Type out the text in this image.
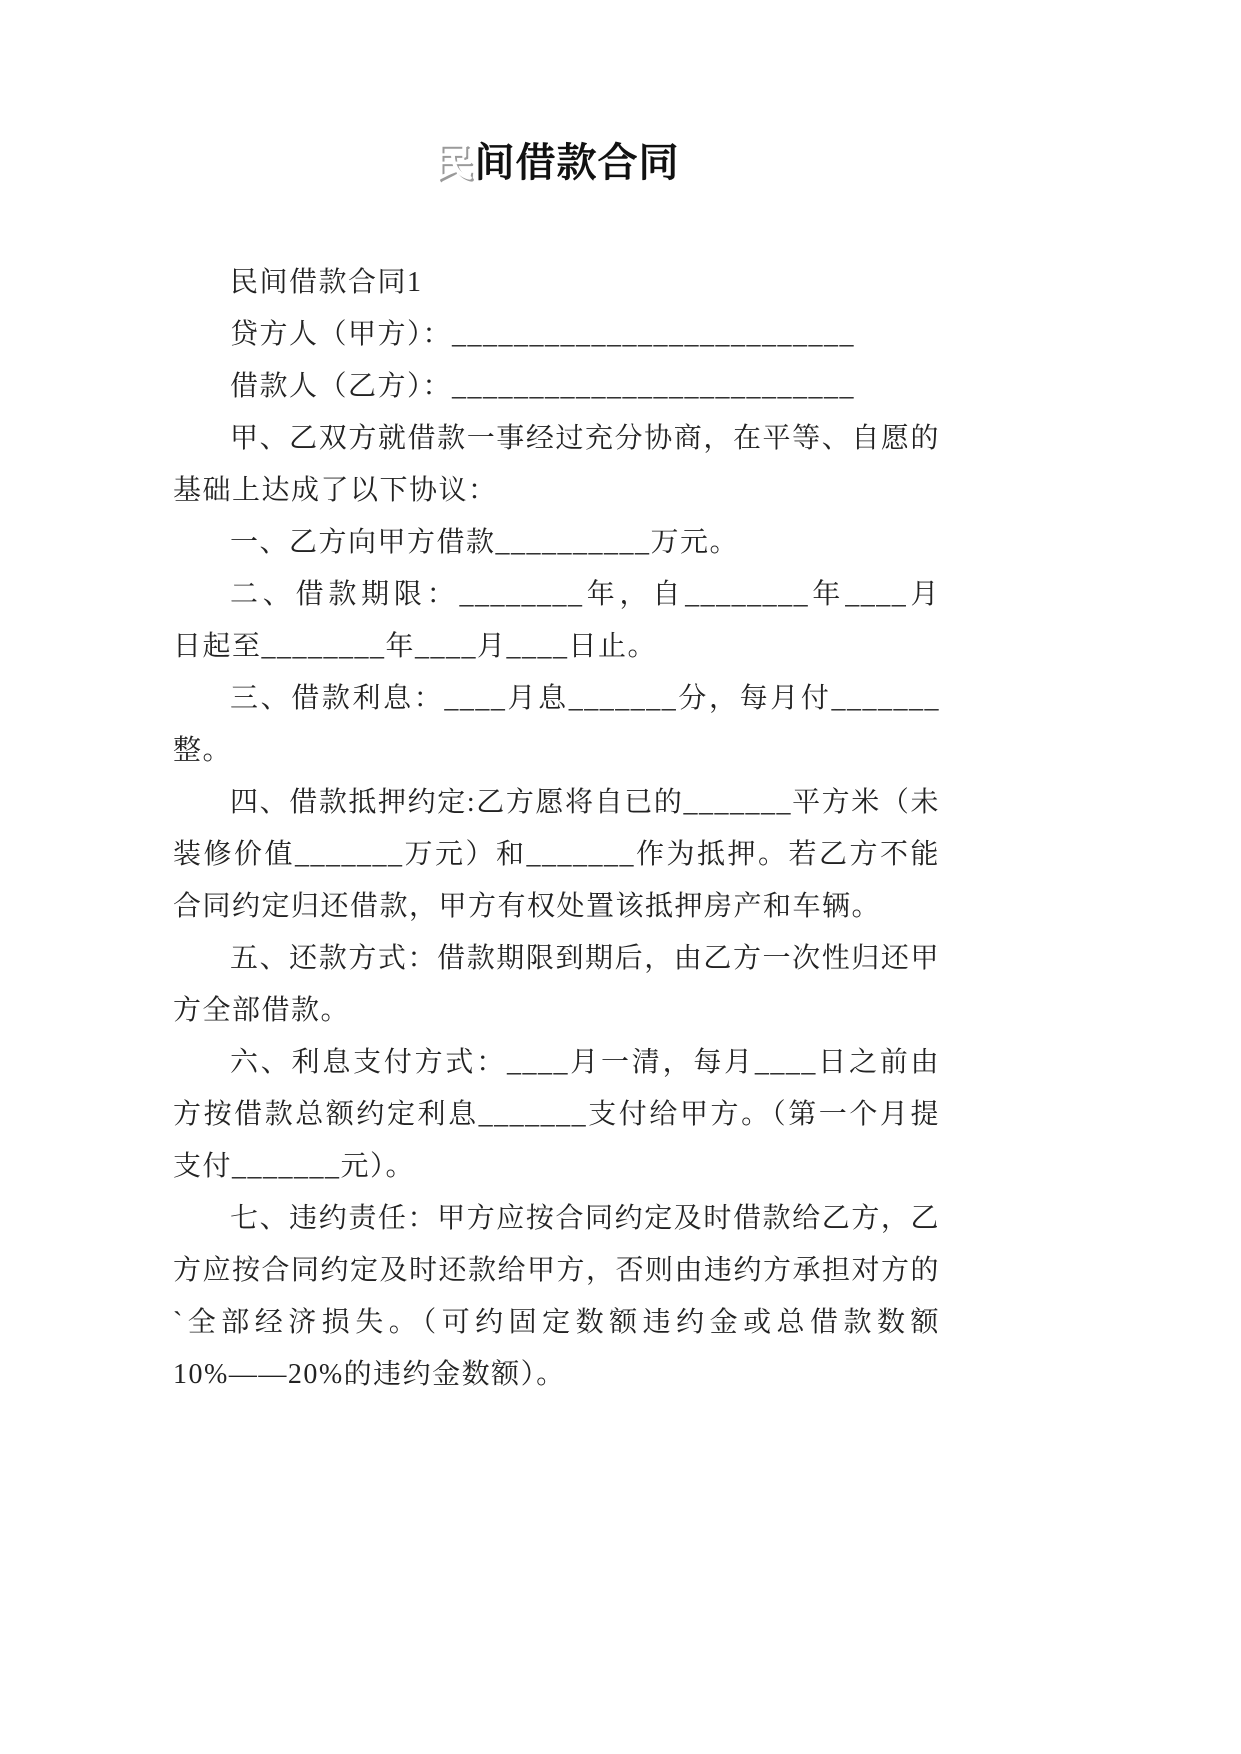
民间借款合同
民间借款合同1
贷方人（甲方）：__________________________
借款人（乙方）：__________________________
甲、乙双方就借款一事经过充分协商，在平等、自愿的
基础上达成了以下协议：
一、乙方向甲方借款__________万元。
二、借款期限：________年，自________年____月
日起至________年____月____日止。
三、借款利息：____月息_______分，每月付_______
整。
四、借款抵押约定:乙方愿将自已的_______平方米（未
装修价值_______万元）和_______作为抵押。若乙方不能
合同约定归还借款，甲方有权处置该抵押房产和车辆。
五、还款方式：借款期限到期后，由乙方一次性归还甲
方全部借款。
六、利息支付方式：____月一清，每月____日之前由
方按借款总额约定利息_______支付给甲方。（第一个月提
支付_______元）。
七、违约责任：甲方应按合同约定及时借款给乙方，乙
方应按合同约定及时还款给甲方，否则由违约方承担对方的
`全部经济损失。（可约固定数额违约金或总借款数额
10%——20%的违约金数额）。
